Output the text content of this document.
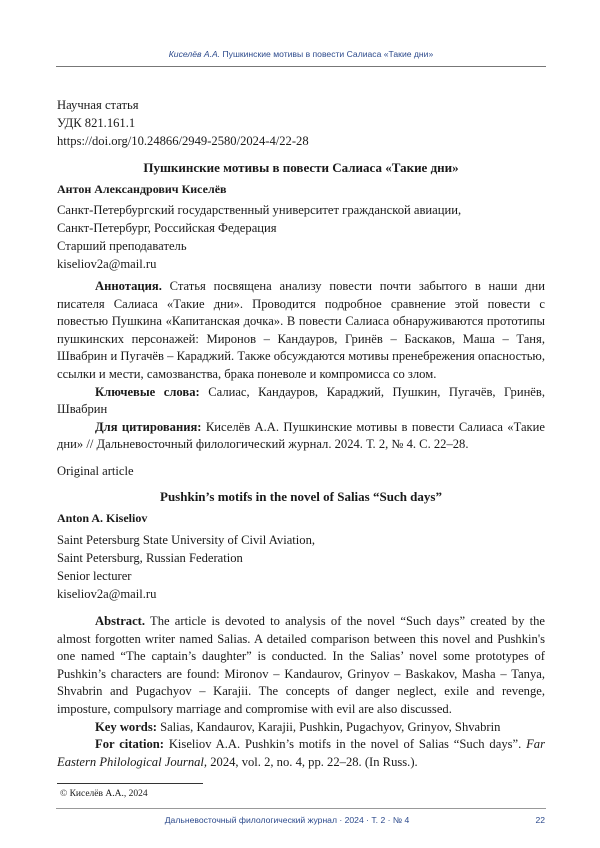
Киселёв А.А. Пушкинские мотивы в повести Салиаса «Такие дни»
Научная статья
УДК 821.161.1
https://doi.org/10.24866/2949-2580/2024-4/22-28
Пушкинские мотивы в повести Салиаса «Такие дни»
Антон Александрович Киселёв
Санкт-Петербургский государственный университет гражданской авиации,
Санкт-Петербург, Российская Федерация
Старший преподаватель
kiseliov2a@mail.ru
Аннотация. Статья посвящена анализу повести почти забытого в наши дни писателя Салиаса «Такие дни». Проводится подробное сравнение этой повести с повестью Пушкина «Капитанская дочка». В повести Салиаса обнаруживаются прототипы пушкинских персона­жей: Миронов – Кандауров, Гринёв – Баскаков, Маша – Таня, Швабрин и Пугачёв – Караджий. Также обсуждаются мотивы пренебрежения опасностью, ссылки и мести, самозванства, брака поневоле и компромисса со злом.
Ключевые слова: Салиас, Кандауров, Караджий, Пушкин, Пугачёв, Гринёв, Швабрин
Для цитирования: Киселёв А.А. Пушкинские мотивы в повести Салиаса «Такие дни» // Дальневосточный филологический журнал. 2024. Т. 2, № 4. С. 22–28.
Original article
Pushkin’s motifs in the novel of Salias “Such days”
Anton A. Kiseliov
Saint Petersburg State University of Civil Aviation,
Saint Petersburg, Russian Federation
Senior lecturer
kiseliov2a@mail.ru
Abstract. The article is devoted to analysis of the novel “Such days” created by the almost forgotten writer named Salias. A detailed comparison between this novel and Pushkin's one named “The captain’s daughter” is conducted. In the Salias’ novel some prototypes of Pushkin’s characters are found: Mironov – Kandaurov, Grinyov – Baskakov, Masha – Tanya, Shvabrin and Pugachyov – Karajii. The concepts of danger neglect, exile and revenge, imposture, compulsory marriage and com­promise with evil are also discussed.
Key words: Salias, Kandaurov, Karajii, Pushkin, Pugachyov, Grinyov, Shvabrin
For citation: Kiseliov A.A. Pushkin’s motifs in the novel of Salias “Such days”. Far Eastern Philological Journal, 2024, vol. 2, no. 4, pp. 22–28. (In Russ.).
© Киселёв А.А., 2024
Дальневосточный филологический журнал · 2024 · Т. 2 · № 4	22
